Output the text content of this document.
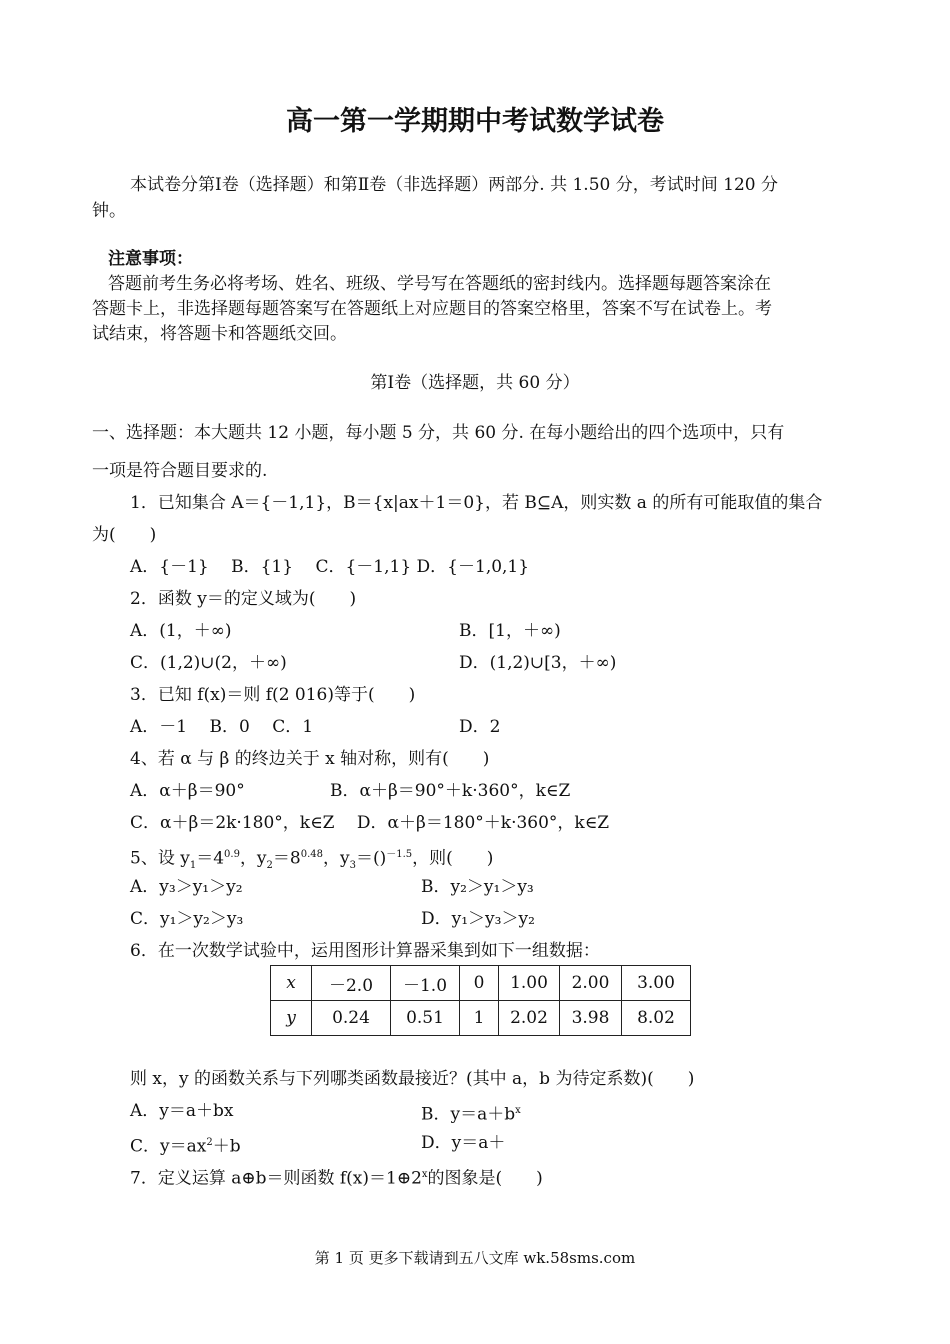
高一第一学期期中考试数学试卷
本试卷分第Ⅰ卷（选择题）和第Ⅱ卷（非选择题）两部分. 共 1.50 分，考试时间 120 分
钟。
注意事项：
答题前考生务必将考场、姓名、班级、学号写在答题纸的密封线内。选择题每题答案涂在
答题卡上，非选择题每题答案写在答题纸上对应题目的答案空格里，答案不写在试卷上。考
试结束，将答题卡和答题纸交回。
第Ⅰ卷（选择题，共 60 分）
一、选择题：本大题共 12 小题，每小题 5 分，共 60 分. 在每小题给出的四个选项中，只有
一项是符合题目要求的.
1．已知集合 A＝{－1,1}，B＝{x|ax＋1＝0}，若 B⊆A，则实数 a 的所有可能取值的集合
为(　　)
A．{－1}　 B．{1}　 C．{－1,1} D．{－1,0,1}
2．函数 y＝的定义域为(　　)
A．(1，＋∞)	B．[1，＋∞)
C．(1,2)∪(2，＋∞)	D．(1,2)∪[3，＋∞)
3．已知 f(x)＝则 f(2 016)等于(　　)
A．－1　 B．0　 C．1	D．2
4、若 α 与 β 的终边关于 x 轴对称，则有(　　)
A．α＋β＝90°	B．α＋β＝90°＋k·360°，k∈Z
C．α＋β＝2k·180°，k∈Z　 D．α＋β＝180°＋k·360°，k∈Z
5、设 $y_1=4^{0.9}$，$y_2=8^{0.48}$，$y_3=()^{-1.5}$，则(　　)
A．y₃＞y₁＞y₂	B．y₂＞y₁＞y₃
C．y₁＞y₂＞y₃	D．y₁＞y₃＞y₂
6．在一次数学试验中，运用图形计算器采集到如下一组数据：
x	－2.0	－1.0	0	1.00	2.00	3.00
y	0.24	0.51	1	2.02	3.98	8.02
则 x，y 的函数关系与下列哪类函数最接近？(其中 a，b 为待定系数)(　　)
A．y＝a＋bx	B．$y=a+b^x$
C．$y=ax^2+b$	D．y＝a＋
7．定义运算 a⊕b＝则函数 $f(x)=1\oplus 2^x$的图象是(　　)
第 1 页 更多下载请到五八文库 wk.58sms.com
